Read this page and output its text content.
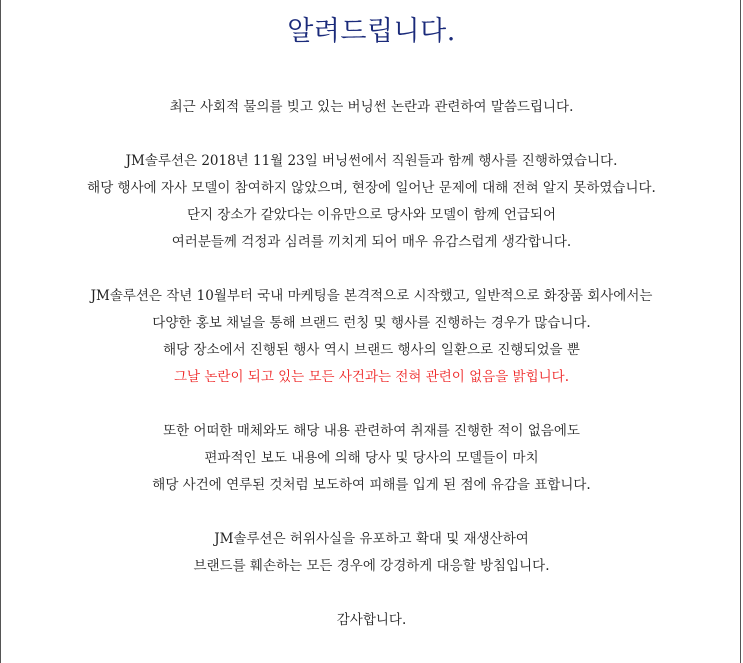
알려드립니다.
최근 사회적 물의를 빚고 있는 버닝썬 논란과 관련하여 말씀드립니다.
JM솔루션은 2018년 11월 23일 버닝썬에서 직원들과 함께 행사를 진행하였습니다.
해당 행사에 자사 모델이 참여하지 않았으며, 현장에 일어난 문제에 대해 전혀 알지 못하였습니다.
단지 장소가 같았다는 이유만으로 당사와 모델이 함께 언급되어
여러분들께 걱정과 심려를 끼치게 되어 매우 유감스럽게 생각합니다.
JM솔루션은 작년 10월부터 국내 마케팅을 본격적으로 시작했고, 일반적으로 화장품 회사에서는
다양한 홍보 채널을 통해 브랜드 런칭 및 행사를 진행하는 경우가 많습니다.
해당 장소에서 진행된 행사 역시 브랜드 행사의 일환으로 진행되었을 뿐
그날 논란이 되고 있는 모든 사건과는 전혀 관련이 없음을 밝힙니다.
또한 어떠한 매체와도 해당 내용 관련하여 취재를 진행한 적이 없음에도
편파적인 보도 내용에 의해 당사 및 당사의 모델들이 마치
해당 사건에 연루된 것처럼 보도하여 피해를 입게 된 점에 유감을 표합니다.
JM솔루션은 허위사실을 유포하고 확대 및 재생산하여
브랜드를 훼손하는 모든 경우에 강경하게 대응할 방침입니다.
감사합니다.
